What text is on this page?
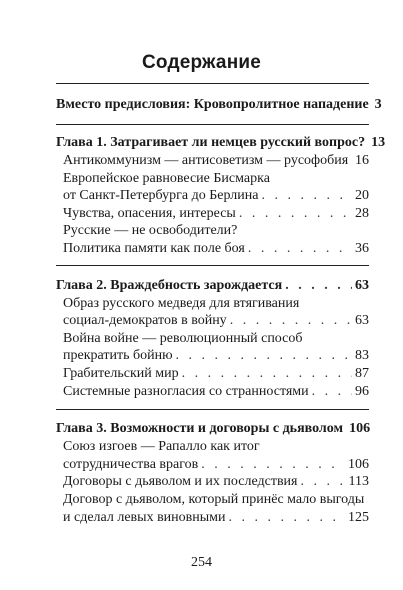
Содержание
Вместо предисловия: Кровопролитное нападение 3
Глава 1. Затрагивает ли немцев русский вопрос? 13
Антикоммунизм — антисоветизм — русофобия . . . 16
Европейское равновесие Бисмарка
от Санкт-Петербурга до Берлина . . .	20
Чувства, опасения, интересы . . .	28
Русские — не освободители?
Политика памяти как поле боя . . .	36
Глава 2. Враждебность зарождается . . .	63
Образ русского медведя для втягивания
социал-демократов в войну . . .	63
Война войне — революционный способ
прекратить бойню . . .	83
Грабительский мир . . .	87
Системные разногласия со странностями . . .	96
Глава 3. Возможности и договоры с дьяволом 106
Союз изгоев — Рапалло как итог
сотрудничества врагов . . .	106
Договоры с дьяволом и их последствия . . .	113
Договор с дьяволом, который принёс мало выгоды
и сделал левых виновными . . .	125
254
